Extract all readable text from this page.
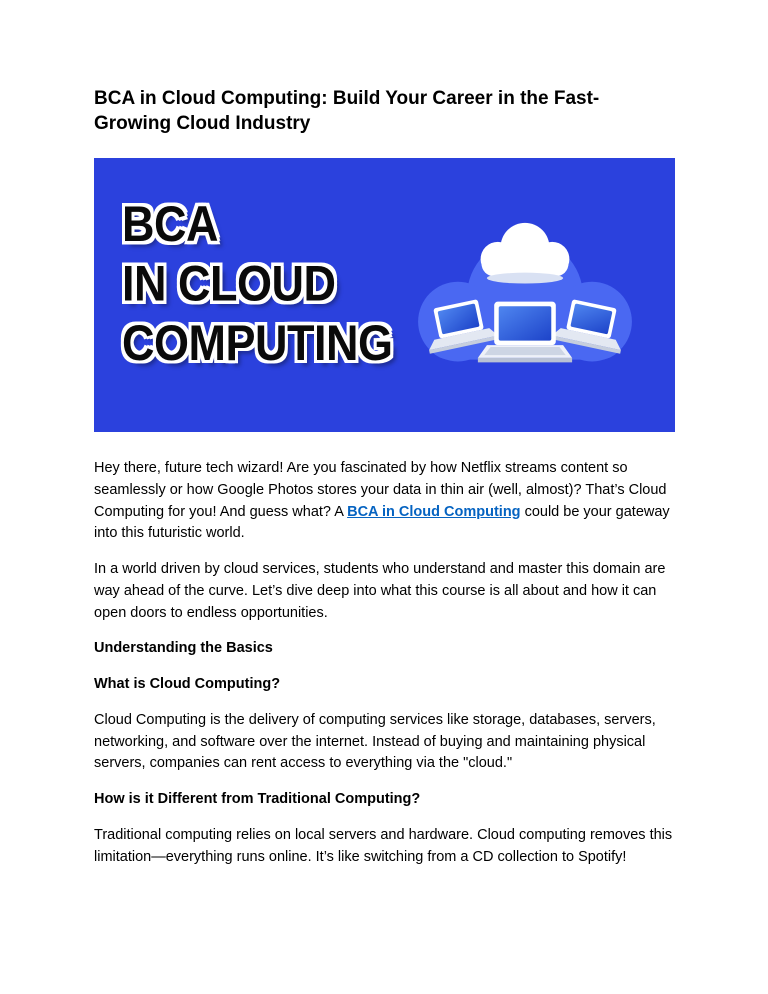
BCA in Cloud Computing: Build Your Career in the Fast-Growing Cloud Industry
BCA
IN CLOUD
COMPUTING

Hey there, future tech wizard! Are you fascinated by how Netflix streams content so seamlessly or how Google Photos stores your data in thin air (well, almost)? That’s Cloud Computing for you! And guess what? A BCA in Cloud Computing could be your gateway into this futuristic world.

In a world driven by cloud services, students who understand and master this domain are way ahead of the curve. Let’s dive deep into what this course is all about and how it can open doors to endless opportunities.

Understanding the Basics
What is Cloud Computing?

Cloud Computing is the delivery of computing services like storage, databases, servers, networking, and software over the internet. Instead of buying and maintaining physical servers, companies can rent access to everything via the "cloud."

How is it Different from Traditional Computing?

Traditional computing relies on local servers and hardware. Cloud computing removes this limitation—everything runs online. It’s like switching from a CD collection to Spotify!
